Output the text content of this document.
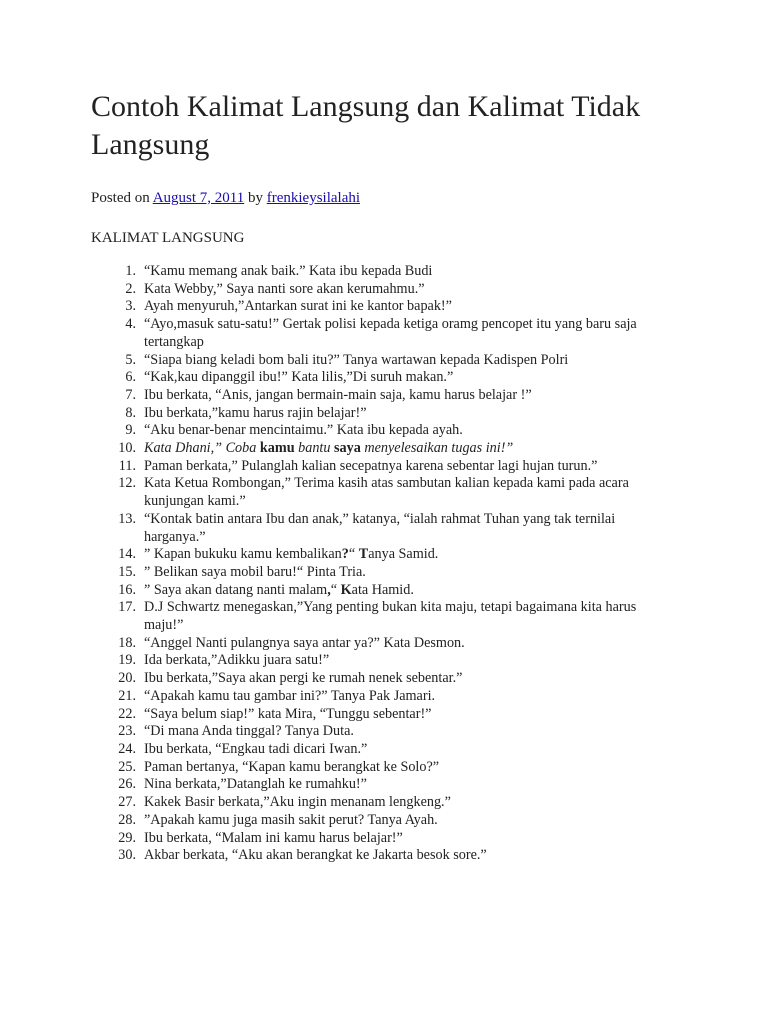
Contoh Kalimat Langsung dan Kalimat Tidak Langsung
Posted on August 7, 2011 by frenkieysilalahi
KALIMAT LANGSUNG
1. “Kamu memang anak baik.” Kata ibu kepada Budi
2. Kata Webby,” Saya nanti sore akan kerumahmu.”
3. Ayah menyuruh,”Antarkan surat ini ke kantor bapak!”
4. “Ayo,masuk satu-satu!” Gertak polisi kepada ketiga oramg pencopet itu yang baru saja tertangkap
5. “Siapa biang keladi bom bali itu?” Tanya wartawan kepada Kadispen Polri
6. “Kak,kau dipanggil ibu!” Kata lilis,”Di suruh makan.”
7. Ibu berkata, “Anis, jangan bermain-main saja, kamu harus belajar !”
8. Ibu berkata,”kamu harus rajin belajar!”
9. “Aku benar-benar mencintaimu.” Kata ibu kepada ayah.
10. Kata Dhani,” Coba kamu bantu saya menyelesaikan tugas ini!”
11. Paman berkata,” Pulanglah kalian secepatnya karena sebentar lagi hujan turun.”
12. Kata Ketua Rombongan,” Terima kasih atas sambutan kalian kepada kami pada acara kunjungan kami.”
13. “Kontak batin antara Ibu dan anak,” katanya, “ialah rahmat Tuhan yang tak ternilai harganya.”
14. ” Kapan bukuku kamu kembalikan?“ Tanya Samid.
15. ” Belikan saya mobil baru!“ Pinta Tria.
16. ” Saya akan datang nanti malam,“ Kata Hamid.
17. D.J Schwartz menegaskan,”Yang penting bukan kita maju, tetapi bagaimana kita harus maju!”
18. “Anggel Nanti pulangnya saya antar ya?” Kata Desmon.
19. Ida berkata,”Adikku juara satu!”
20. Ibu berkata,”Saya akan pergi ke rumah nenek sebentar.”
21. “Apakah kamu tau gambar ini?” Tanya Pak Jamari.
22. “Saya belum siap!” kata Mira, “Tunggu sebentar!”
23. “Di mana Anda tinggal? Tanya Duta.
24. Ibu berkata, “Engkau tadi dicari Iwan.”
25. Paman bertanya, “Kapan kamu berangkat ke Solo?”
26. Nina berkata,”Datanglah ke rumahku!”
27. Kakek Basir berkata,”Aku ingin menanam lengkeng.”
28. ”Apakah kamu juga masih sakit perut? Tanya Ayah.
29. Ibu berkata, “Malam ini kamu harus belajar!”
30. Akbar berkata, “Aku akan berangkat ke Jakarta besok sore.”
